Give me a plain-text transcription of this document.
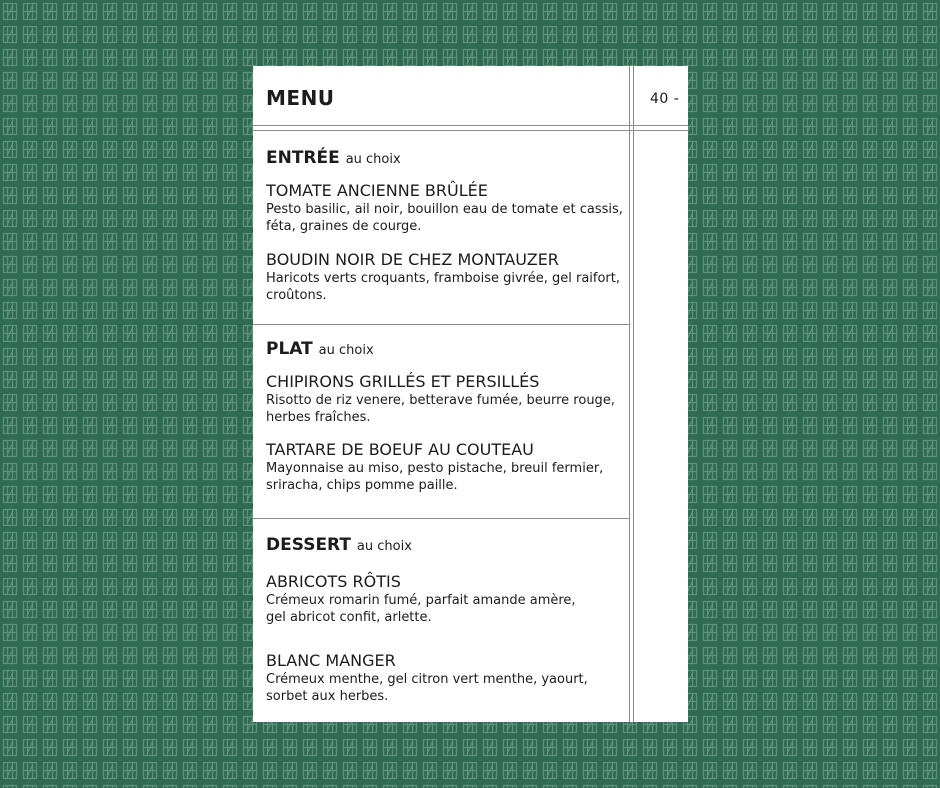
MENU	40 -

ENTRÉE au choix

TOMATE ANCIENNE BRÛLÉE

Pesto basilic, ail noir, bouillon eau de tomate et cassis,

féta, graines de courge.

BOUDIN NOIR DE CHEZ MONTAUZER

Haricots verts croquants, framboise givrée, gel raifort,

croûtons.

PLAT au choix

CHIPIRONS GRILLÉS ET PERSILLÉS

Risotto de riz venere, betterave fumée, beurre rouge,

herbes fraîches.

TARTARE DE BOEUF AU COUTEAU

Mayonnaise au miso, pesto pistache, breuil fermier,

sriracha, chips pomme paille.

DESSERT au choix

ABRICOTS RÔTIS

Crémeux romarin fumé, parfait amande amère,

gel abricot confit, arlette.

BLANC MANGER

Crémeux menthe, gel citron vert menthe, yaourt,

sorbet aux herbes.
